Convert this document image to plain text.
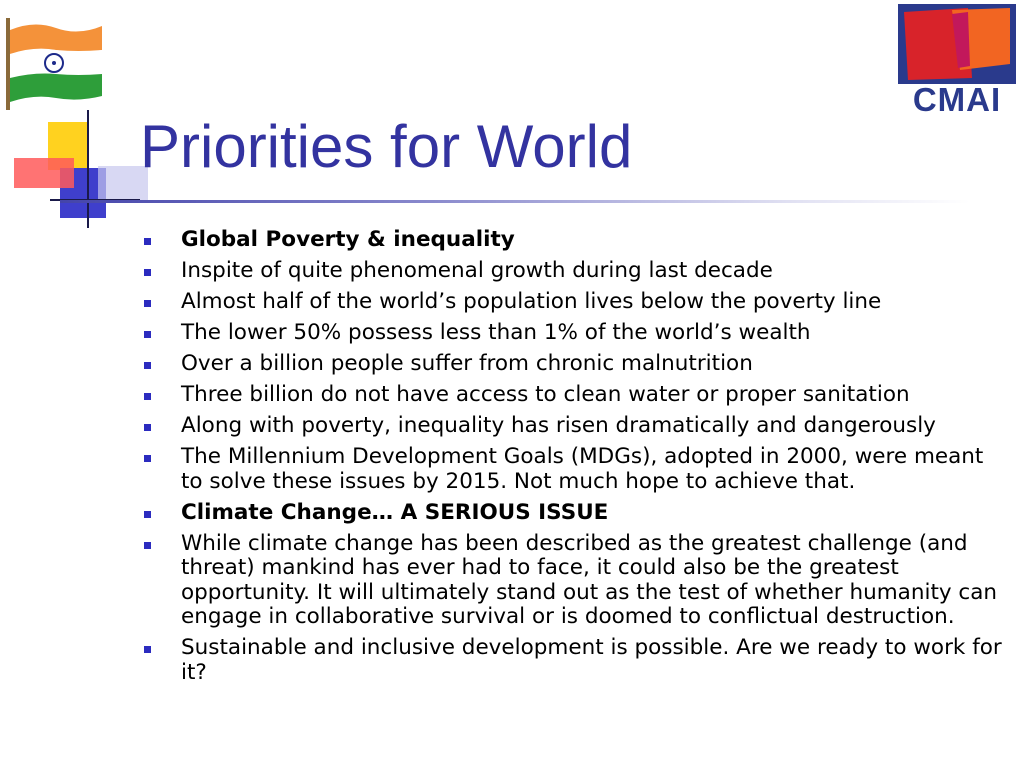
CMAI
Priorities for World
Global Poverty & inequality
Inspite of quite phenomenal growth during last decade
Almost half of the world’s population lives below the poverty line
The lower 50% possess less than 1% of the world’s wealth
Over a billion people suffer from chronic malnutrition
Three billion do not have access to clean water or proper sanitation
Along with poverty, inequality has risen dramatically and dangerously
The Millennium Development Goals (MDGs), adopted in 2000, were meant to solve these issues by 2015. Not much hope to achieve that.
Climate Change… A SERIOUS ISSUE
While climate change has been described as the greatest challenge (and threat) mankind has ever had to face, it could also be the greatest opportunity. It will ultimately stand out as the test of whether humanity can engage in collaborative survival or is doomed to conflictual destruction.
Sustainable and inclusive development is possible. Are we ready to work for it?
